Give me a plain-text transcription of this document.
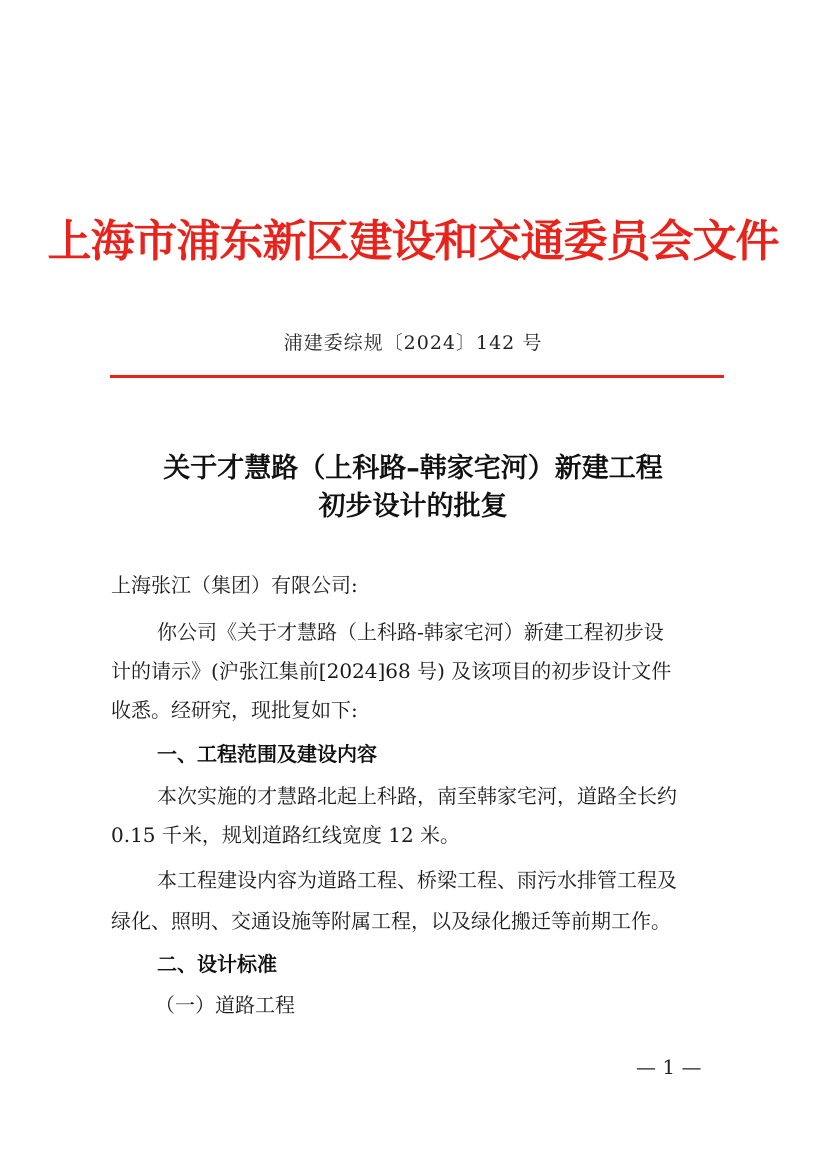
上海市浦东新区建设和交通委员会文件
浦建委综规〔2024〕142 号
关于才慧路（上科路–韩家宅河）新建工程
初步设计的批复
上海张江（集团）有限公司:
你公司《关于才慧路（上科路-韩家宅河）新建工程初步设
计的请示》(沪张江集前[2024]68 号) 及该项目的初步设计文件
收悉。经研究，现批复如下:
一、工程范围及建设内容
本次实施的才慧路北起上科路，南至韩家宅河，道路全长约
0.15 千米，规划道路红线宽度 12 米。
本工程建设内容为道路工程、桥梁工程、雨污水排管工程及
绿化、照明、交通设施等附属工程，以及绿化搬迁等前期工作。
二、设计标准
（一）道路工程
— 1 —
